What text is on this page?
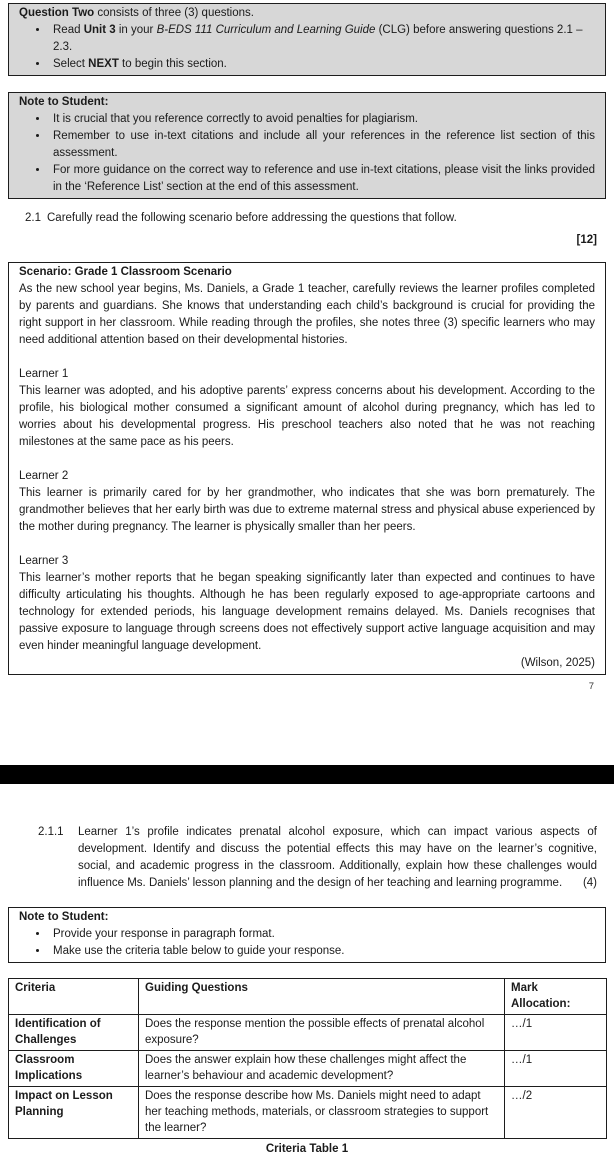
Question Two consists of three (3) questions.
• Read Unit 3 in your B-EDS 111 Curriculum and Learning Guide (CLG) before answering questions 2.1 – 2.3.
• Select NEXT to begin this section.
Note to Student:
• It is crucial that you reference correctly to avoid penalties for plagiarism.
• Remember to use in-text citations and include all your references in the reference list section of this assessment.
• For more guidance on the correct way to reference and use in-text citations, please visit the links provided in the ‘Reference List’ section at the end of this assessment.
2.1 Carefully read the following scenario before addressing the questions that follow.
[12]
Scenario: Grade 1 Classroom Scenario
As the new school year begins, Ms. Daniels, a Grade 1 teacher, carefully reviews the learner profiles completed by parents and guardians. She knows that understanding each child’s background is crucial for providing the right support in her classroom. While reading through the profiles, she notes three (3) specific learners who may need additional attention based on their developmental histories.
Learner 1
This learner was adopted, and his adoptive parents’ express concerns about his development. According to the profile, his biological mother consumed a significant amount of alcohol during pregnancy, which has led to worries about his developmental progress. His preschool teachers also noted that he was not reaching milestones at the same pace as his peers.
Learner 2
This learner is primarily cared for by her grandmother, who indicates that she was born prematurely. The grandmother believes that her early birth was due to extreme maternal stress and physical abuse experienced by the mother during pregnancy. The learner is physically smaller than her peers.
Learner 3
This learner’s mother reports that he began speaking significantly later than expected and continues to have difficulty articulating his thoughts. Although he has been regularly exposed to age-appropriate cartoons and technology for extended periods, his language development remains delayed. Ms. Daniels recognises that passive exposure to language through screens does not effectively support active language acquisition and may even hinder meaningful language development.
(Wilson, 2025)
7
2.1.1	Learner 1’s profile indicates prenatal alcohol exposure, which can impact various aspects of development. Identify and discuss the potential effects this may have on the learner’s cognitive, social, and academic progress in the classroom. Additionally, explain how these challenges would influence Ms. Daniels’ lesson planning and the design of her teaching and learning programme. (4)
Note to Student:
• Provide your response in paragraph format.
• Make use the criteria table below to guide your response.
Criteria	Guiding Questions	Mark Allocation:
Identification of Challenges	Does the response mention the possible effects of prenatal alcohol exposure?	…/1
Classroom Implications	Does the answer explain how these challenges might affect the learner’s behaviour and academic development?	…/1
Impact on Lesson Planning	Does the response describe how Ms. Daniels might need to adapt her teaching methods, materials, or classroom strategies to support the learner?	…/2
Criteria Table 1
